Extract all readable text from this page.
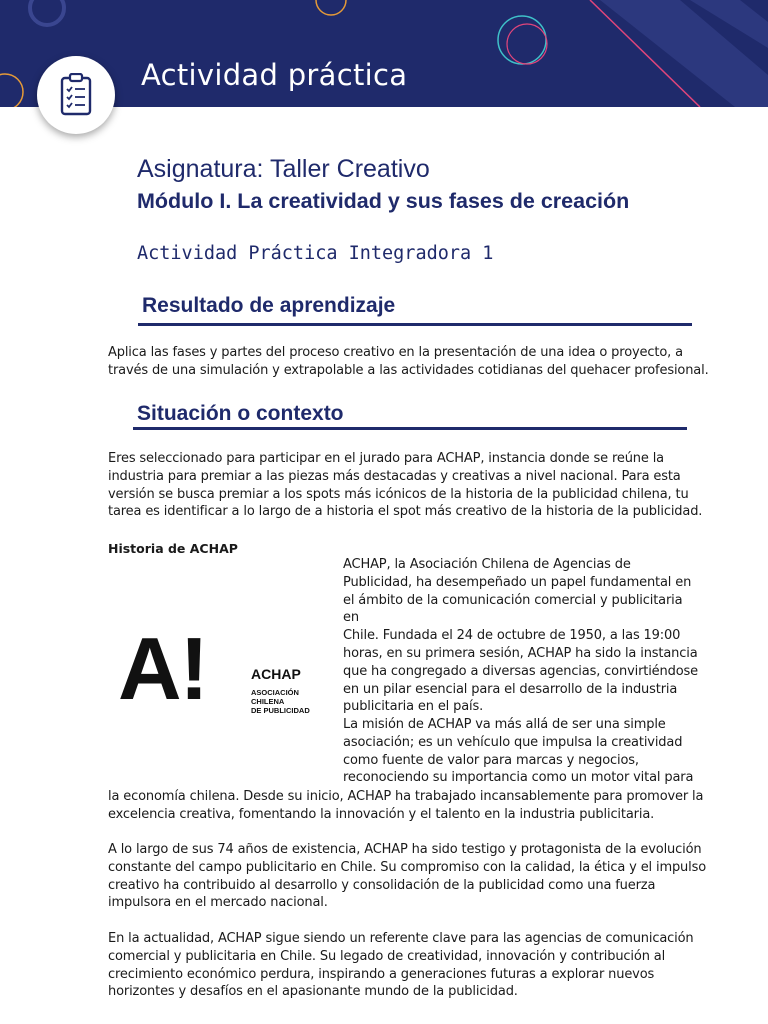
Actividad práctica
Asignatura: Taller Creativo
Módulo I. La creatividad y sus fases de creación
Actividad Práctica Integradora 1
Resultado de aprendizaje
Aplica las fases y partes del proceso creativo en la presentación de una idea o proyecto, a
través de una simulación y extrapolable a las actividades cotidianas del quehacer profesional.
Situación o contexto
Eres seleccionado para participar en el jurado para ACHAP, instancia donde se reúne la
industria para premiar a las piezas más destacadas y creativas a nivel nacional. Para esta
versión se busca premiar a los spots más icónicos de la historia de la publicidad chilena, tu
tarea es identificar a lo largo de a historia el spot más creativo de la historia de la publicidad.
Historia de ACHAP
A!	ACHAP
ASOCIACIÓN
CHILENA
DE PUBLICIDAD
ACHAP, la Asociación Chilena de Agencias de
Publicidad, ha desempeñado un papel fundamental en
el ámbito de la comunicación comercial y publicitaria en
Chile. Fundada el 24 de octubre de 1950, a las 19:00
horas, en su primera sesión, ACHAP ha sido la instancia
que ha congregado a diversas agencias, convirtiéndose
en un pilar esencial para el desarrollo de la industria
publicitaria en el país.
La misión de ACHAP va más allá de ser una simple
asociación; es un vehículo que impulsa la creatividad
como fuente de valor para marcas y negocios,
reconociendo su importancia como un motor vital para
la economía chilena. Desde su inicio, ACHAP ha trabajado incansablemente para promover la
excelencia creativa, fomentando la innovación y el talento en la industria publicitaria.
A lo largo de sus 74 años de existencia, ACHAP ha sido testigo y protagonista de la evolución
constante del campo publicitario en Chile. Su compromiso con la calidad, la ética y el impulso
creativo ha contribuido al desarrollo y consolidación de la publicidad como una fuerza
impulsora en el mercado nacional.
En la actualidad, ACHAP sigue siendo un referente clave para las agencias de comunicación
comercial y publicitaria en Chile. Su legado de creatividad, innovación y contribución al
crecimiento económico perdura, inspirando a generaciones futuras a explorar nuevos
horizontes y desafíos en el apasionante mundo de la publicidad.
